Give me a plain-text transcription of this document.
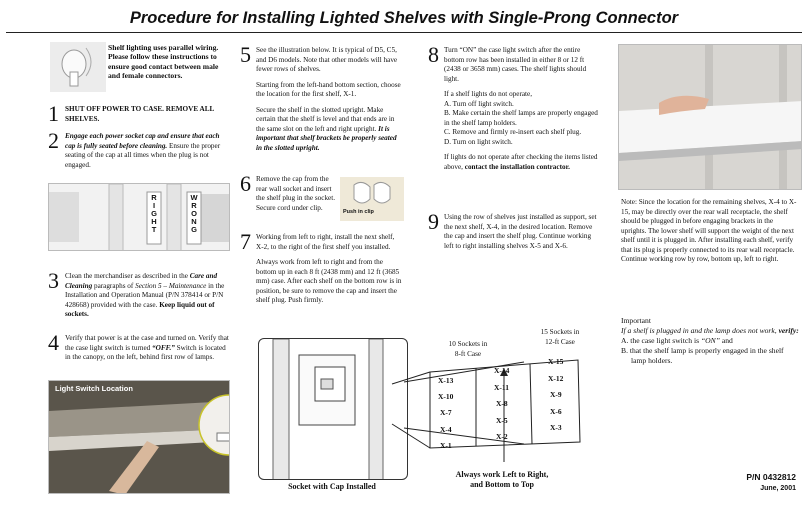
Procedure for Installing Lighted Shelves with Single-Prong Connector
Shelf lighting uses parallel wiring. Please follow these instructions to ensure good contact between male and female connectors.
1 SHUT OFF POWER TO CASE. REMOVE ALL SHELVES.
2 Engage each power socket cap and ensure that each cap is fully seated before cleaning. Ensure the proper seating of the cap at all times when the plug is not engaged.
R
I
G
H
T
W
R
O
N
G
3 Clean the merchandiser as described in the Care and Cleaning paragraphs of Section 5 – Maintenance in the Installation and Operation Manual (P/N 378414 or P/N 428668) provided with the case. Keep liquid out of sockets.
4 Verify that power is at the case and turned on. Verify that the case light switch is turned “OFF.” Switch is located in the canopy, on the left, behind first row of lamps.
Light Switch Location
5 See the illustration below. It is typical of D5, C5, and D6 models. Note that other models will have fewer rows of shelves.

Starting from the left-hand bottom section, choose the location for the first shelf, X-1.

Secure the shelf in the slotted upright. Make certain that the shelf is level and that ends are in the same slot on the left and right upright. It is important that shelf brackets be properly seated in the slotted upright.

6 Remove the cap from the rear wall socket and insert the shelf plug in the socket. Secure cord under clip.
Push in clip
7 Working from left to right, install the next shelf, X-2, to the right of the first shelf you installed.

Always work from left to right and from the bottom up in each 8 ft (2438 mm) and 12 ft (3685 mm) case. After each shelf on the bottom row is in position, be sure to remove the cap and insert the shelf plug. Push firmly.

8 Turn “ON” the case light switch after the entire bottom row has been installed in either 8 or 12 ft (2438 or 3658 mm) cases. The shelf lights should light.

If a shelf lights do not operate,
A. Turn off light switch.
B. Make certain the shelf lamps are properly engaged in the shelf lamp holders.
C. Remove and firmly re-insert each shelf plug.

D. Turn on light switch.

If lights do not operate after checking the items listed above, contact the installation contractor.

9 Using the row of shelves just installed as support, set the next shelf, X-4, in the desired location. Remove the cap and insert the shelf plug. Continue working left to right installing shelves X-5 and X-6.
Note: Since the location for the remaining shelves, X-4 to X-15, may be directly over the rear wall receptacle, the shelf should be plugged in before engaging brackets in the uprights. The lower shelf will support the weight of the next shelf until it is plugged in. After installing each shelf, verify that its plug is properly connected to its rear wall receptacle. Continue working row by row, bottom up, left to right.
Important
If a shelf is plugged in and the lamp does not work, verify:
A. the case light switch is “ON” and
B. that the shelf lamp is properly engaged in the shelf lamp holders.
P/N 0432812
June, 2001
Socket with Cap Installed
10 Sockets in
8-ft Case
15 Sockets in
12-ft Case
X-13
X-10
X-7
X-4
X-1
X-14
X-11
X-8
X-5
X-2
X-15
X-12
X-9
X-6
X-3
Always work Left to Right,
and Bottom to Top
